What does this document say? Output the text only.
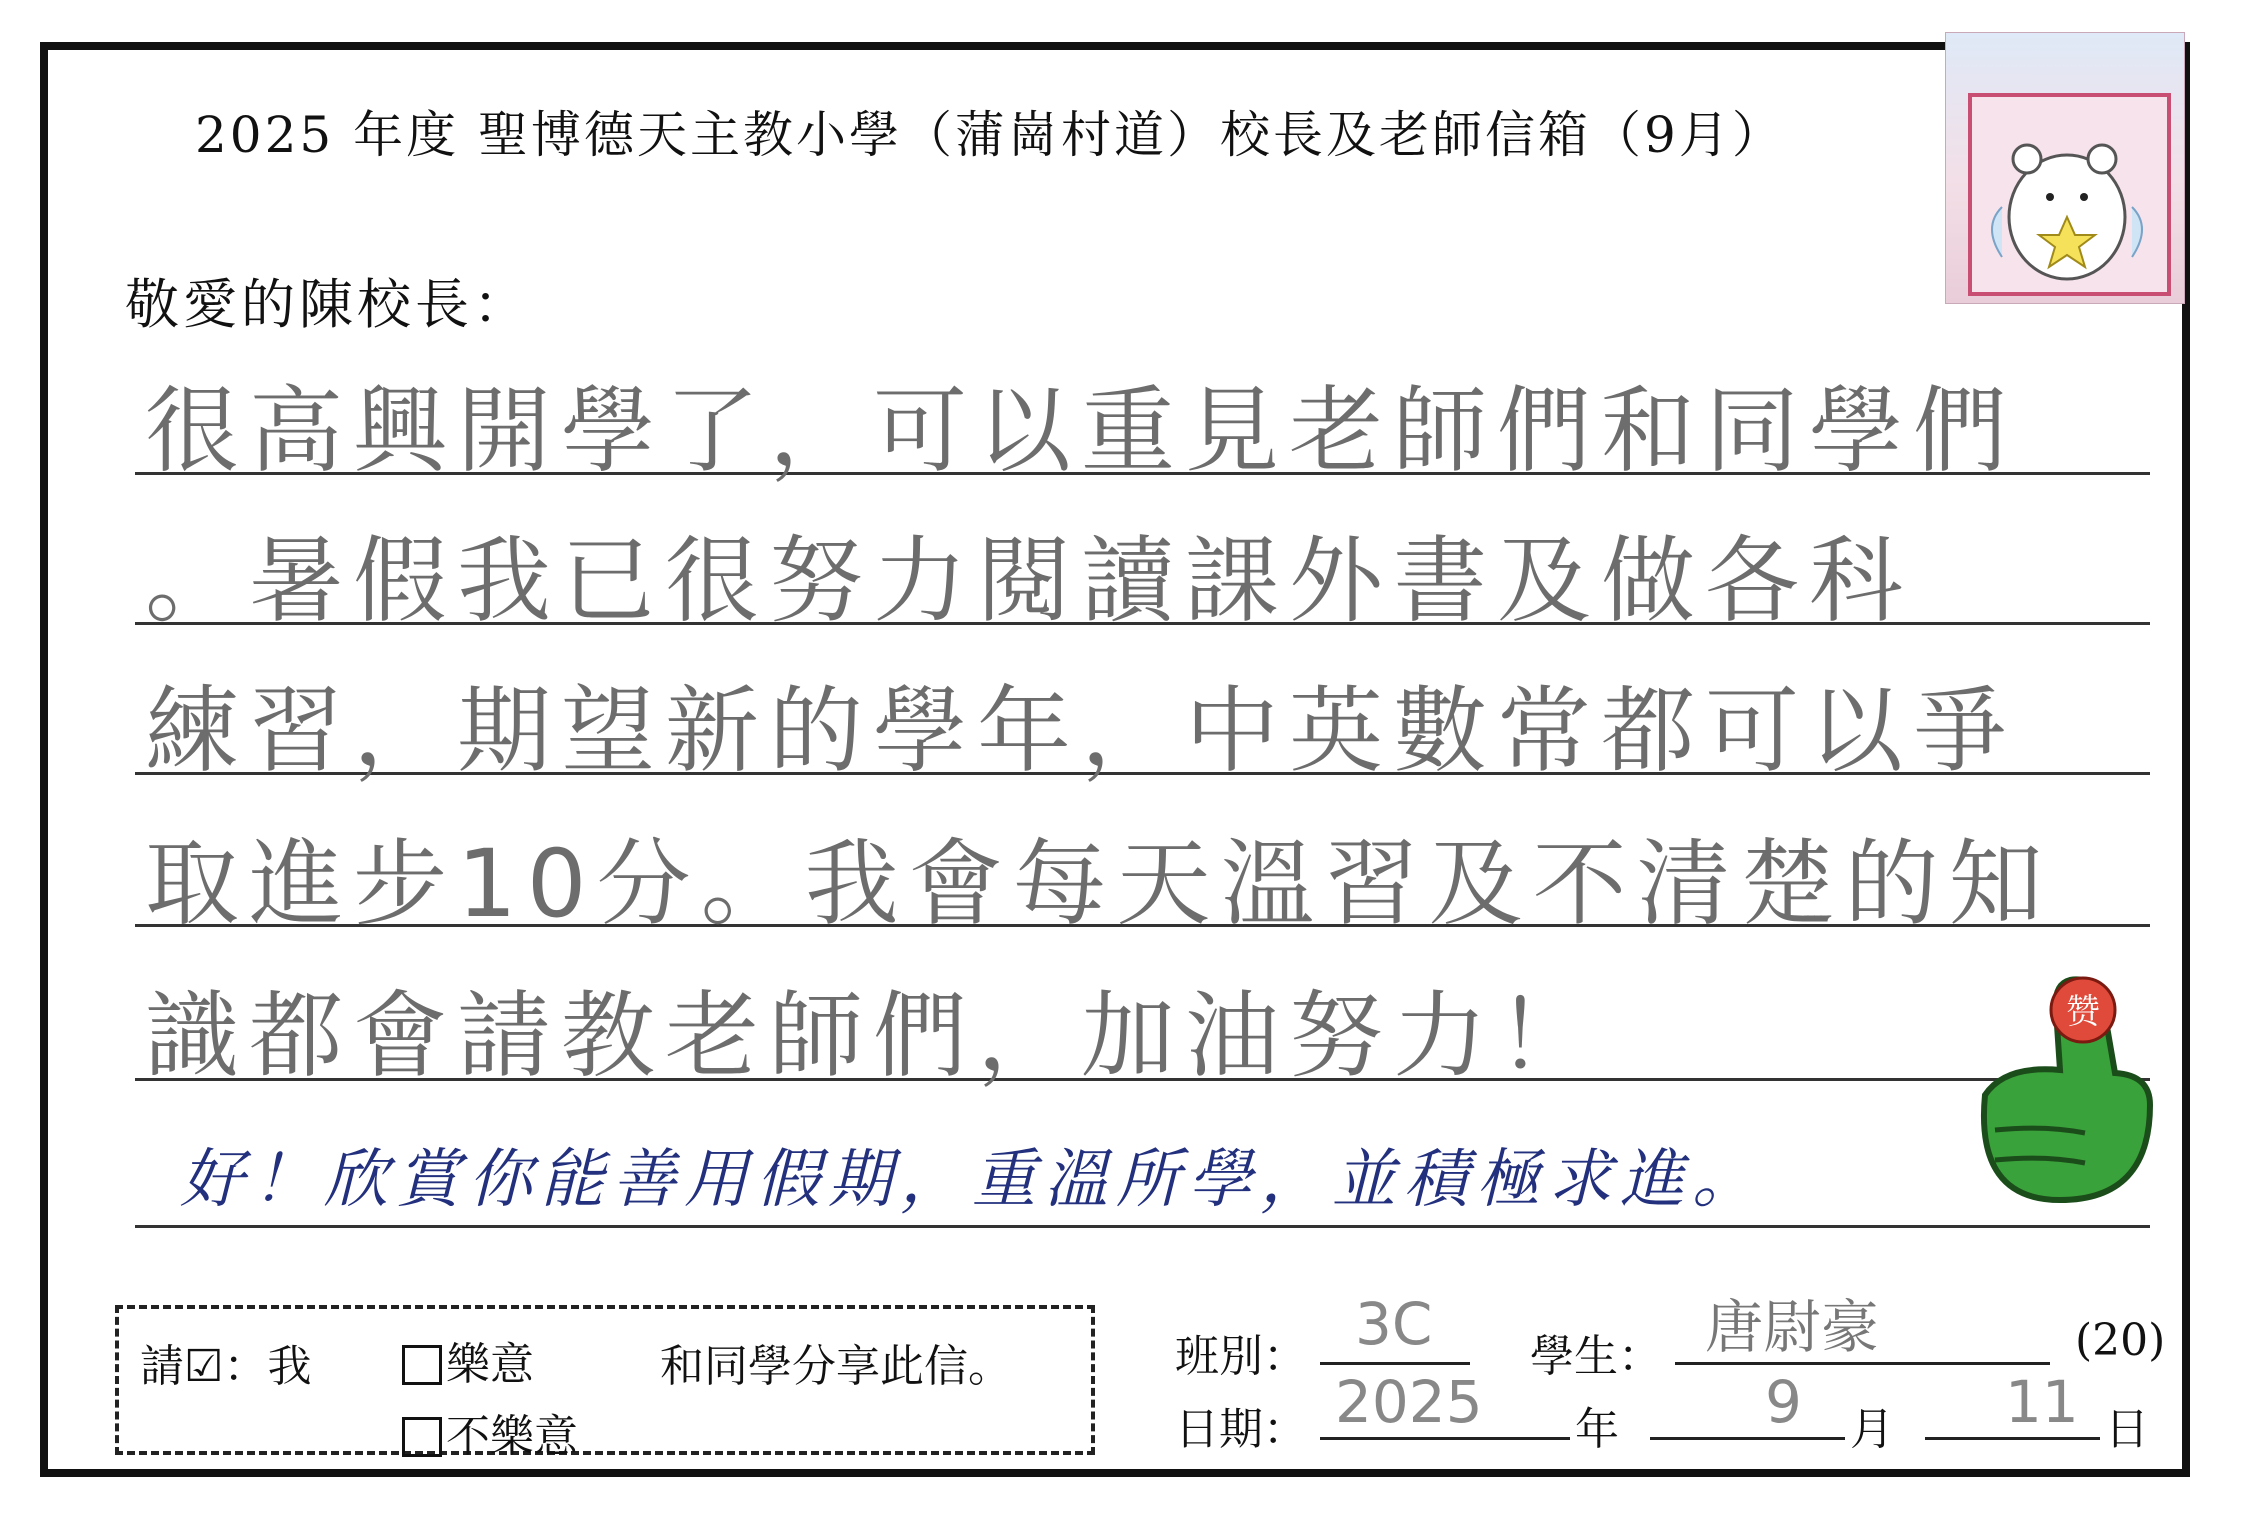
2025 年度 聖博德天主教小學（蒲崗村道）校長及老師信箱（9月）
敬愛的陳校長：
很高興開學了，可以重見老師們和同學們
。暑假我已很努力閱讀課外書及做各科
練習，期望新的學年，中英數常都可以爭
取進步10分。我會每天溫習及不清楚的知
識都會請教老師們，加油努力！
好！欣賞你能善用假期，重溫所學，並積極求進。
赞
請☑：我	樂意	和同學分享此信。
不樂意
班別： 3C 學生： 唐尉豪	(20)
日期： 2025 年	9 月 11 日
